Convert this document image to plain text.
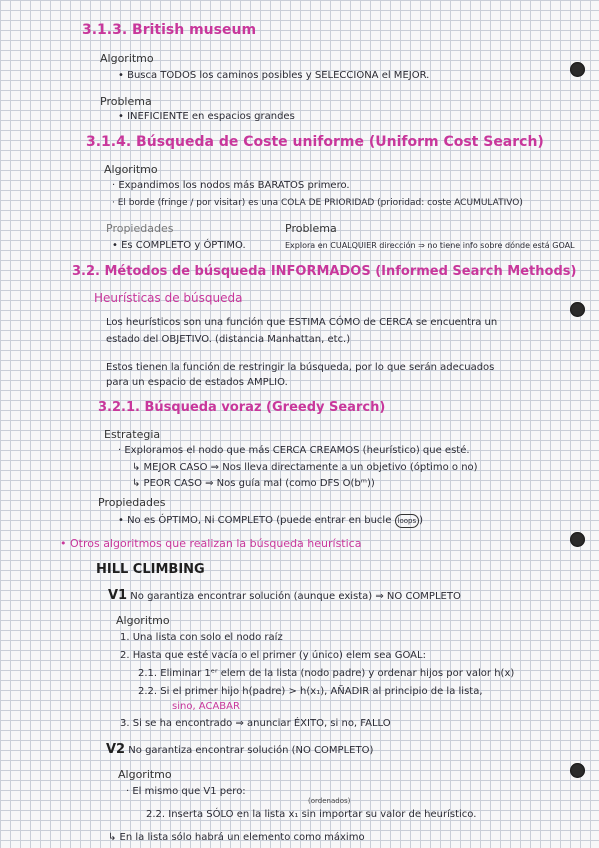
3.1.3. British museum
Algoritmo
• Busca TODOS los caminos posibles y SELECCIONA el MEJOR.
Problema
• INEFICIENTE en espacios grandes
3.1.4. Búsqueda de Coste uniforme (Uniform Cost Search)
Algoritmo
· Expandimos los nodos más BARATOS primero.
· El borde (fringe / por visitar) es una COLA DE PRIORIDAD (prioridad: coste ACUMULATIVO)
Propiedades
• Es COMPLETO y ÓPTIMO.
Problema
Explora en CUALQUIER dirección ⇒ no tiene info sobre dónde está GOAL
3.2. Métodos de búsqueda INFORMADOS (Informed Search Methods)
Heurísticas de búsqueda
Los heurísticos son una función que ESTIMA CÓMO de CERCA se encuentra un
estado del OBJETIVO. (distancia Manhattan, etc.)
Estos tienen la función de restringir la búsqueda, por lo que serán adecuados
para un espacio de estados AMPLIO.
3.2.1. Búsqueda voraz (Greedy Search)
Estrategia
· Exploramos el nodo que más CERCA CREAMOS (heurístico) que esté.
↳ MEJOR CASO ⇒ Nos lleva directamente a un objetivo (óptimo o no)
↳ PEOR CASO ⇒ Nos guía mal (como DFS O(bᵐ))
Propiedades
• No es ÓPTIMO, Ni COMPLETO (puede entrar en bucle loops )
• Otros algoritmos que realizan la búsqueda heurística
HILL CLIMBING
V1 No garantiza encontrar solución (aunque exista) ⇒ NO COMPLETO
Algoritmo
1. Una lista con solo el nodo raíz
2. Hasta que esté vacía o el primer (y único) elem sea GOAL:
2.1. Eliminar 1ᵉʳ elem de la lista (nodo padre) y ordenar hijos por valor h(x)
2.2. Si el primer hijo h(padre) > h(x₁), AÑADIR al principio de la lista,
sino, ACABAR
3. Si se ha encontrado ⇒ anunciar ÉXITO, si no, FALLO
V2 No garantiza encontrar solución (NO COMPLETO)
Algoritmo
· El mismo que V1 pero:
(ordenados)
2.2. Inserta SÓLO en la lista x₁ sin importar su valor de heurístico.
↳ En la lista sólo habrá un elemento como máximo
